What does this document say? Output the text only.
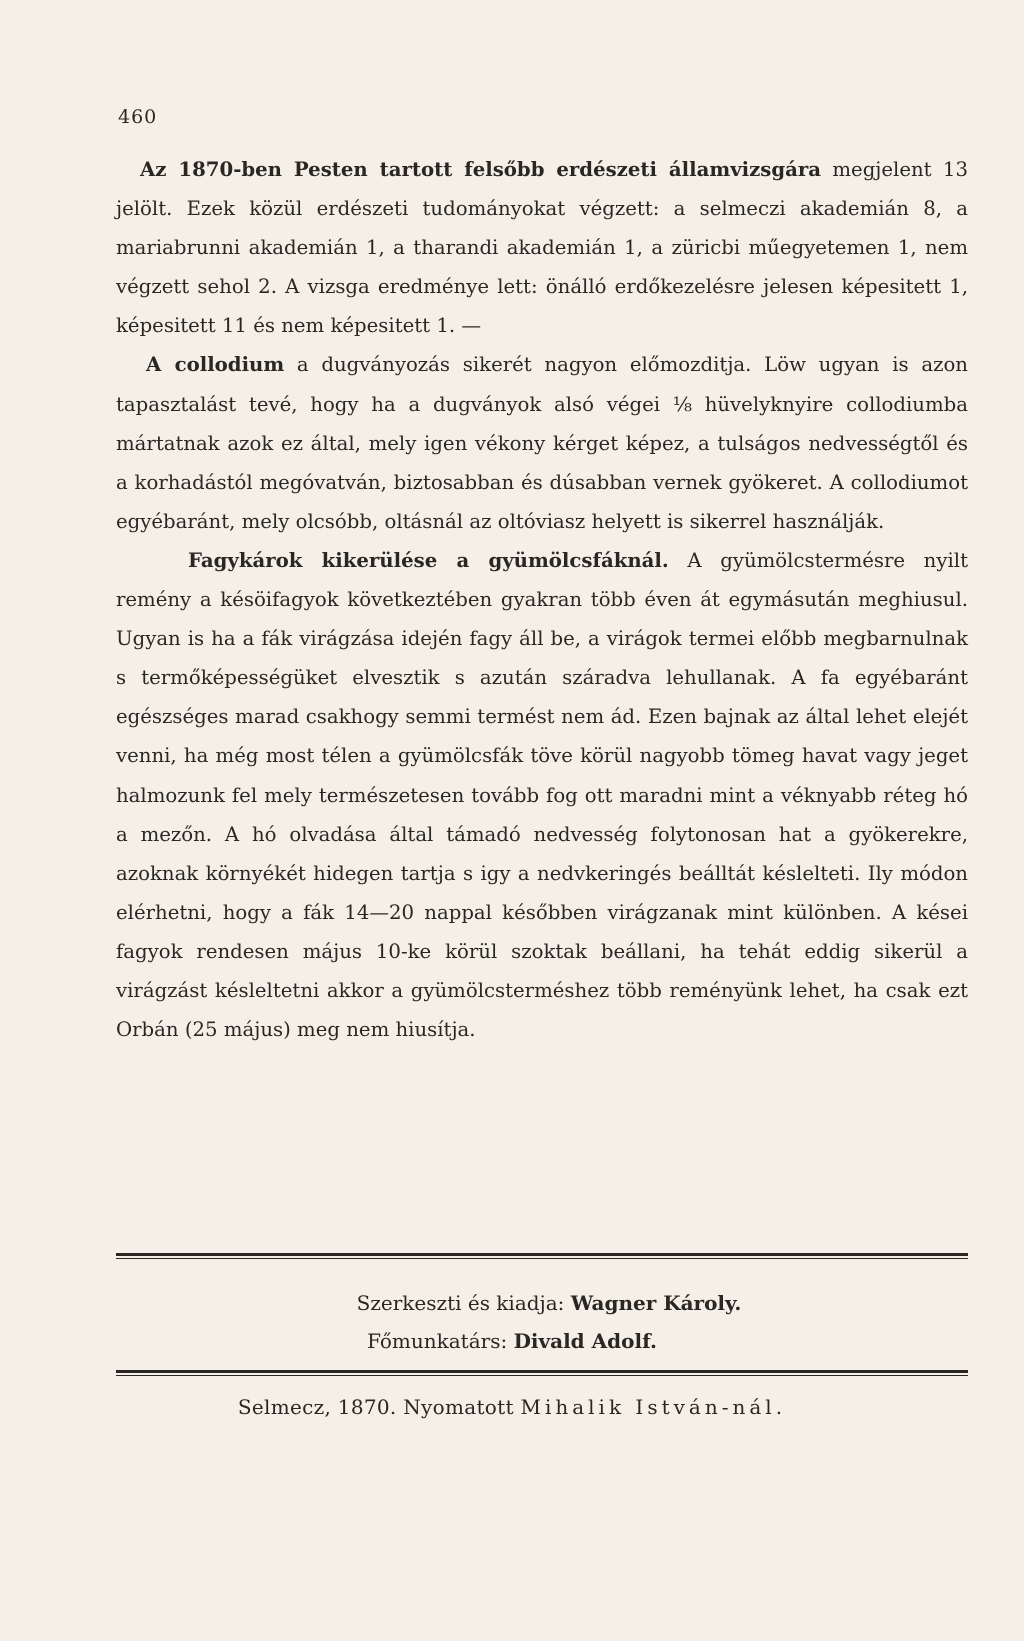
460

Az 1870-ben Pesten tartott felsőbb erdészeti államvizsgára megjelent 13 jelölt. Ezek közül erdészeti tudományokat végzett: a selmeczi akademián 8, a mariabrunni akademián 1, a tharandi akademián 1, a züricbi műegyetemen 1, nem végzett sehol 2. A vizsga eredménye lett: önálló erdőkezelésre jelesen képesitett 1, képesitett 11 és nem képesitett 1. —

A collodium a dugványozás sikerét nagyon előmozditja. Löw ugyan is azon tapasztalást tevé, hogy ha a dugványok alsó végei ⅛ hüvelyknyire collodiumba mártatnak azok ez által, mely igen vékony kérget képez, a tulságos nedvességtől és a korhadástól megóvatván, biztosabban és dúsabban vernek gyökeret. A collodiumot egyébaránt, mely olcsóbb, oltásnál az oltóviasz helyett is sikerrel használják.

Fagykárok kikerülése a gyümölcsfáknál. A gyümölcstermésre nyilt remény a késöifagyok következtében gyakran több éven át egymásután meghiusul. Ugyan is ha a fák virágzása idején fagy áll be, a virágok termei előbb megbarnulnak s termőképességüket elvesztik s azután száradva lehullanak. A fa egyébaránt egészséges marad csakhogy semmi termést nem ád. Ezen bajnak az által lehet elejét venni, ha még most télen a gyümölcsfák töve körül nagyobb tömeg havat vagy jeget halmozunk fel mely természetesen tovább fog ott maradni mint a véknyabb réteg hó a mezőn. A hó olvadása által támadó nedvesség folytonosan hat a gyökerekre, azoknak környékét hidegen tartja s igy a nedvkeringés beálltát késlelteti. Ily módon elérhetni, hogy a fák 14—20 nappal későbben virágzanak mint különben. A kései fagyok rendesen május 10-ke körül szoktak beállani, ha tehát eddig sikerül a virágzást késleltetni akkor a gyümölcsterméshez több reményünk lehet, ha csak ezt Orbán (25 május) meg nem hiusítja.

Szerkeszti és kiadja: Wagner Károly.
Főmunkatárs: Divald Adolf.
Selmecz, 1870. Nyomatott Mihalik István-nál.
